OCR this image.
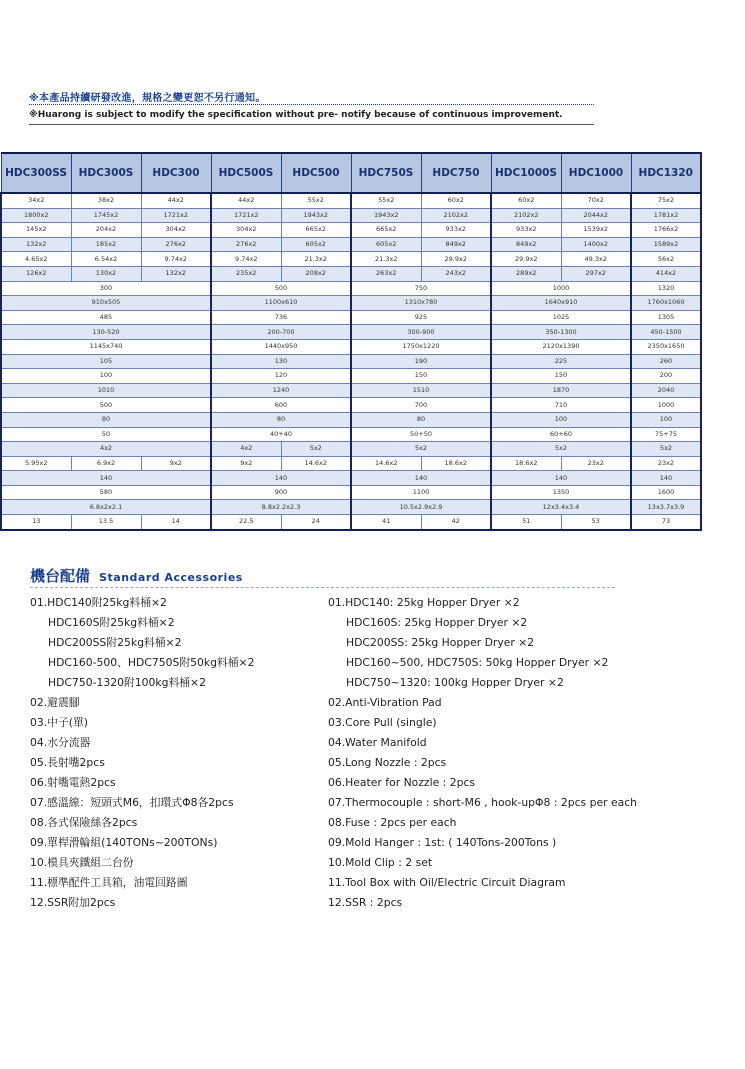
※本產品持續研發改進，規格之變更恕不另行通知。
※Huarong is subject to modify the specification without pre- notify because of continuous improvement.
HDC300SS	HDC300S	HDC300	HDC500S	HDC500	HDC750S	HDC750	HDC1000S	HDC1000	HDC1320
34x2	38x2	44x2	44x2	55x2	55x2	60x2	60x2	70x2	75x2
1800x2	1745x2	1721x2	1721x2	1943x2	1943x2	2102x2	2102x2	2044x2	1781x2
145x2	204x2	304x2	304x2	665x2	665x2	933x2	933x2	1539x2	1766x2
132x2	185x2	276x2	276x2	605x2	605x2	849x2	849x2	1400x2	1589x2
4.65x2	6.54x2	9.74x2	9.74x2	21.3x2	21.3x2	29.9x2	29.9x2	49.3x2	56x2
126x2	130x2	132x2	235x2	208x2	263x2	243x2	289x2	297x2	414x2
300			500		750		1000		1320
910x505			1100x610		1310x780		1640x910		1760x1060
485			736		925		1025		1305
130-520			200-700		300-900		350-1300		450-1500
1145x740			1440x950		1750x1220		2120x1390		2350x1650
105			130		190		225		260
100			120		150		150		200
1010			1240		1510		1870		2040
500			600		700		710		1000
80			80		80		100		100
50			40+40		50+50		60+60		75+75
4x2			4x2	5x2	5x2		5x2		5x2
5.95x2	6.9x2	9x2	9x2	14.6x2	14.6x2	18.6x2	18.6x2	23x2	23x2
140			140		140		140		140
580			900		1100		1350		1600
6.8x2x2.1			8.8x2.2x2.3		10.5x2.9x2.9		12x3.4x3.4		13x3.7x3.9
13	13.5	14	22.5	24	41	42	51	53	73
機台配備 Standard Accessories
01.HDC140附25kg料桶×2
HDC160S附25kg料桶×2
HDC200SS附25kg料桶×2
HDC160-500、HDC750S附50kg料桶×2
HDC750-1320附100kg料桶×2
02.避震腳
03.中子(單)
04.水分流器
05.長射嘴2pcs
06.射嘴電熱2pcs
07.感溫線：短頭式M6，扣環式Φ8各2pcs
08.各式保險絲各2pcs
09.單桿滑輪組(140TONs~200TONs)
10.模具夾鐵組二台份
11.標準配件工具箱，油電回路圖
12.SSR附加2pcs
01.HDC140: 25kg Hopper Dryer ×2
HDC160S: 25kg Hopper Dryer ×2
HDC200SS: 25kg Hopper Dryer ×2
HDC160~500, HDC750S: 50kg Hopper Dryer ×2
HDC750~1320: 100kg Hopper Dryer ×2
02.Anti-Vibration Pad
03.Core Pull (single)
04.Water Manifold
05.Long Nozzle : 2pcs
06.Heater for Nozzle : 2pcs
07.Thermocouple : short-M6 , hook-upΦ8 : 2pcs per each
08.Fuse : 2pcs per each
09.Mold Hanger : 1st: ( 140Tons-200Tons )
10.Mold Clip : 2 set
11.Tool Box with Oil/Electric Circuit Diagram
12.SSR : 2pcs
